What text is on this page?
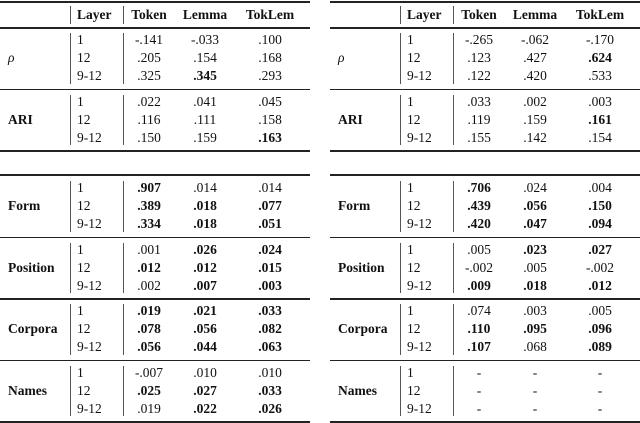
Layer Token Lemma TokLem
ρ
1	-.141 -.033	.100
12	.205 .154	.168
9-12	.325 .345	.293
ARI
1	.022 .041	.045
12	.116 .111	.158
9-12	.150 .159	.163
Form
1	.907 .014	.014
12	.389 .018	.077
9-12	.334 .018	.051
Position
1	.001 .026	.024
12	.012 .012	.015
9-12	.002 .007	.003
Corpora
1	.019 .021	.033
12	.078 .056	.082
9-12	.056 .044	.063
Names
1	-.007 .010	.010
12	.025 .027	.033
9-12	.019 .022	.026
Layer Token Lemma TokLem
ρ
1	-.265 -.062	-.170
12	.123 .427	.624
9-12	.122 .420	.533
ARI
1	.033 .002	.003
12	.119 .159	.161
9-12	.155 .142	.154
Form
1	.706 .024	.004
12	.439 .056	.150
9-12	.420 .047	.094
Position
1	.005 .023	.027
12	-.002 .005	-.002
9-12	.009 .018	.012
Corpora
1	.074 .003	.005
12	.110 .095	.096
9-12	.107 .068	.089
Names
1	-	-	-
12	-	-	-
9-12	-	-	-
